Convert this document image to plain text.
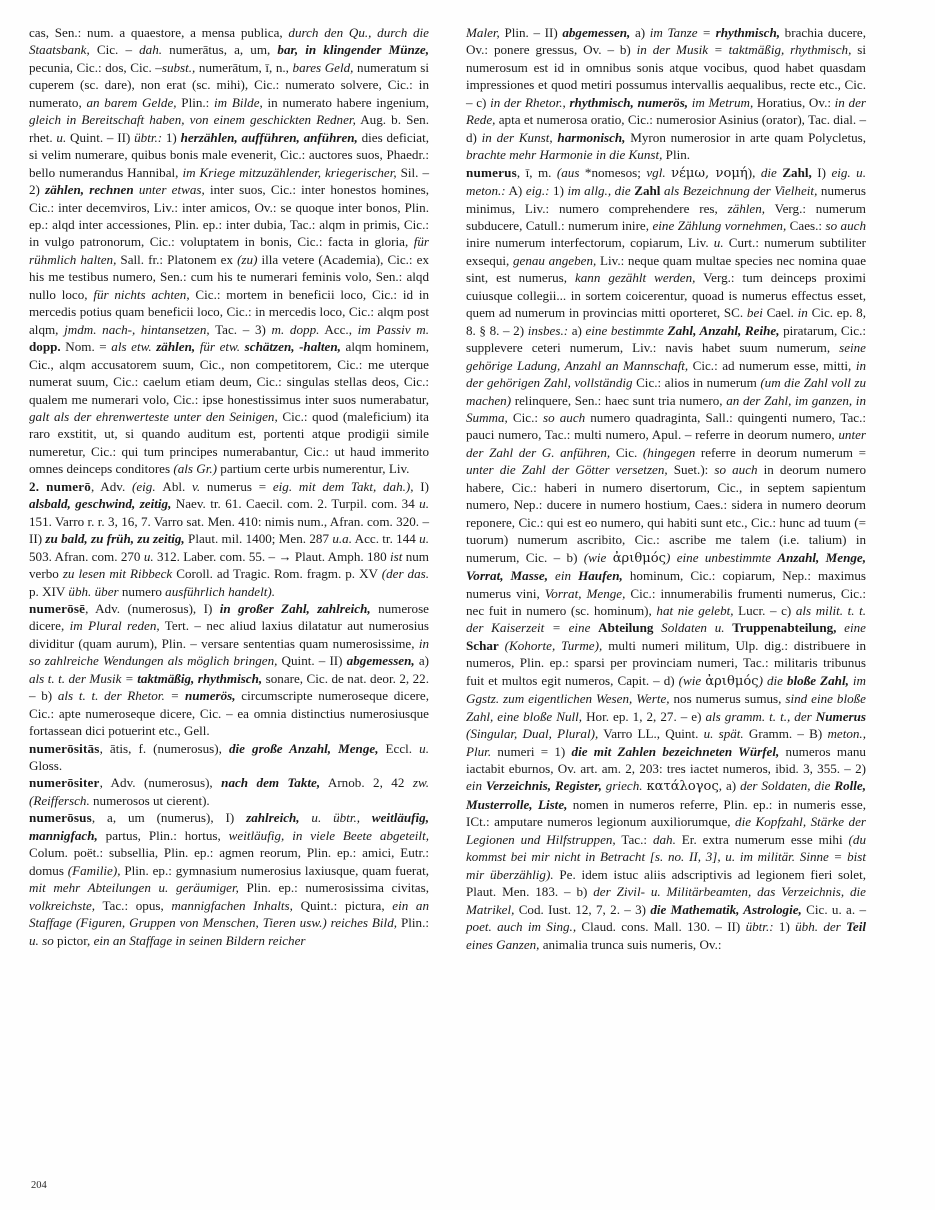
cas, Sen.: num. a quaestore, a mensa publica, durch den Qu., durch die Staatsbank, Cic. – dah. numerātus, a, um, bar, in klingender Münze, pecunia, Cic.: dos, Cic. –subst., numerātum, ī, n., bares Geld, numeratum si cuperem (sc. dare), non erat (sc. mihi), Cic.: numerato solvere, Cic.: in numerato, an barem Gelde, Plin.: im Bilde, in numerato habere ingenium, gleich in Bereitschaft haben, von einem geschickten Redner, Aug. b. Sen. rhet. u. Quint. – II) übtr.: 1) herzählen, aufführen, anführen, dies deficiat, si velim numerare, quibus bonis male evenerit, Cic.: auctores suos, Phaedr.: bello numerandus Hannibal, im Kriege mitzuzählender, kriegerischer, Sil. – 2) zählen, rechnen unter etwas, inter suos, Cic.: inter honestos homines, Cic.: inter decemviros, Liv.: inter amicos, Ov.: se quoque inter bonos, Plin. ep.: alqd inter accessiones, Plin. ep.: inter dubia, Tac.: alqm in primis, Cic.: in vulgo patronorum, Cic.: voluptatem in bonis, Cic.: facta in gloria, für rühmlich halten, Sall. fr.: Platonem ex (zu) illa vetere (Academia), Cic.: ex his me testibus numero, Sen.: cum his te numerari feminis volo, Sen.: alqd nullo loco, für nichts achten, Cic.: mortem in beneficii loco, Cic.: id in mercedis potius quam beneficii loco, Cic.: in mercedis loco, Cic.: alqm post alqm, jmdm. nach-, hintansetzen, Tac. – 3) m. dopp. Acc., im Passiv m. dopp. Nom. = als etw. zählen, für etw. schätzen, -halten, alqm hominem, Cic., alqm accusatorem suum, Cic., non competitorem, Cic.: me uterque numerat suum, Cic.: caelum etiam deum, Cic.: singulas stellas deos, Cic.: qualem me numerari volo, Cic.: ipse honestissimus inter suos numerabatur, galt als der ehrenwerteste unter den Seinigen, Cic.: quod (maleficium) ita raro exstitit, ut, si quando auditum est, portenti atque prodigii simile numeretur, Cic.: qui tum principes numerabantur, Cic.: ut haud immerito omnes deinceps conditores (als Gr.) partium certe urbis numerentur, Liv.

2. numerō, Adv. (eig. Abl. v. numerus = eig. mit dem Takt, dah.), I) alsbald, geschwind, zeitig, Naev. tr. 61. Caecil. com. 2. Turpil. com. 34 u. 151. Varro r. r. 3, 16, 7. Varro sat. Men. 410: nimis num., Afran. com. 320. – II) zu bald, zu früh, zu zeitig, Plaut. mil. 1400; Men. 287 u.a. Acc. tr. 144 u. 503. Afran. com. 270 u. 312. Laber. com. 55. – → Plaut. Amph. 180 ist num verbo zu lesen mit Ribbeck Coroll. ad Tragic. Rom. fragm. p. XV (der das. p. XIV übh. über numero ausführlich handelt).

numerōsē, Adv. (numerosus), I) in großer Zahl, zahlreich, numerose dicere, im Plural reden, Tert. – nec aliud laxius dilatatur aut numerosius dividitur (quam aurum), Plin. – versare sententias quam numerosissime, in so zahlreiche Wendungen als möglich bringen, Quint. – II) abgemessen, a) als t. t. der Musik = taktmäßig, rhythmisch, sonare, Cic. de nat. deor. 2, 22. – b) als t. t. der Rhetor. = numerös, circumscripte numeroseque dicere, Cic.: apte numeroseque dicere, Cic. – ea omnia distinctius numerosiusque fortassean dici potuerint etc., Gell.

numerōsitās, ātis, f. (numerosus), die große Anzahl, Menge, Eccl. u. Gloss.

numerōsiter, Adv. (numerosus), nach dem Takte, Arnob. 2, 42 zw. (Reiffersch. numerosos ut cierent).

numerōsus, a, um (numerus), I) zahlreich, u. übtr., weitläufig, mannigfach, partus, Plin.: hortus, weitläufig, in viele Beete abgeteilt, Colum. poët.: subsellia, Plin. ep.: agmen reorum, Plin. ep.: amici, Eutr.: domus (Familie), Plin. ep.: gymnasium numerosius laxiusque, quam fuerat, mit mehr Abteilungen u. geräumiger, Plin. ep.: numerosissima civitas, volkreichste, Tac.: opus, mannigfachen Inhalts, Quint.: pictura, ein an Staffage (Figuren, Gruppen von Menschen, Tieren usw.) reiches Bild, Plin.: u. so pictor, ein an Staffage in seinen Bildern reicher

Maler, Plin. – II) abgemessen, a) im Tanze = rhythmisch, brachia ducere, Ov.: ponere gressus, Ov. – b) in der Musik = taktmäßig, rhythmisch, si numerosum est id in omnibus sonis atque vocibus, quod habet quasdam impressiones et quod metiri possumus intervallis aequalibus, recte etc., Cic. – c) in der Rhetor., rhythmisch, numerös, im Metrum, Horatius, Ov.: in der Rede, apta et numerosa oratio, Cic.: numerosior Asinius (orator), Tac. dial. – d) in der Kunst, harmonisch, Myron numerosior in arte quam Polycletus, brachte mehr Harmonie in die Kunst, Plin.

numerus, ī, m. (aus *nomesos; vgl. νέμω, νομή), die Zahl, I) eig. u. meton.: A) eig.: 1) im allg., die Zahl als Bezeichnung der Vielheit, numerus minimus, Liv.: numero comprehendere res, zählen, Verg.: numerum subducere, Catull.: numerum inire, eine Zählung vornehmen, Caes.: so auch inire numerum interfectorum, copiarum, Liv. u. Curt.: numerum subtiliter exsequi, genau angeben, Liv.: neque quam multae species nec nomina quae sint, est numerus, kann gezählt werden, Verg.: tum deinceps proximi cuiusque collegii... in sortem coicerentur, quoad is numerus effectus esset, quem ad numerum in provincias mitti oporteret, SC. bei Cael. in Cic. ep. 8, 8. § 8. – 2) insbes.: a) eine bestimmte Zahl, Anzahl, Reihe, piratarum, Cic.: supplevere ceteri numerum, Liv.: navis habet suum numerum, seine gehörige Ladung, Anzahl an Mannschaft, Cic.: ad numerum esse, mitti, in der gehörigen Zahl, vollständig Cic.: alios in numerum (um die Zahl voll zu machen) relinquere, Sen.: haec sunt tria numero, an der Zahl, im ganzen, in Summa, Cic.: so auch numero quadraginta, Sall.: quingenti numero, Tac.: pauci numero, Tac.: multi numero, Apul. – referre in deorum numero, unter der Zahl der G. anführen, Cic. (hingegen referre in deorum numerum = unter die Zahl der Götter versetzen, Suet.): so auch in deorum numero habere, Cic.: haberi in numero disertorum, Cic., in septem sapientum numero, Nep.: ducere in numero hostium, Caes.: sidera in numero deorum reponere, Cic.: qui est eo numero, qui habiti sunt etc., Cic.: hunc ad tuum (= tuorum) numerum ascribito, Cic.: ascribe me talem (i.e. talium) in numerum, Cic. – b) (wie ἀριθμός) eine unbestimmte Anzahl, Menge, Vorrat, Masse, ein Haufen, hominum, Cic.: copiarum, Nep.: maximus numerus vini, Vorrat, Menge, Cic.: innumerabilis frumenti numerus, Cic.: nec fuit in numero (sc. hominum), hat nie gelebt, Lucr. – c) als milit. t. t. der Kaiserzeit = eine Abteilung Soldaten u. Truppenabteilung, eine Schar (Kohorte, Turme), multi numeri militum, Ulp. dig.: distribuere in numeros, Plin. ep.: sparsi per provinciam numeri, Tac.: militaris tribunus fuit et multos egit numeros, Capit. – d) (wie ἀριθμός) die bloße Zahl, im Ggstz. zum eigentlichen Wesen, Werte, nos numerus sumus, sind eine bloße Zahl, eine bloße Null, Hor. ep. 1, 2, 27. – e) als gramm. t. t., der Numerus (Singular, Dual, Plural), Varro LL., Quint. u. spät. Gramm. – B) meton., Plur. numeri = 1) die mit Zahlen bezeichneten Würfel, numeros manu iactabit eburnos, Ov. art. am. 2, 203: tres iactet numeros, ibid. 3, 355. – 2) ein Verzeichnis, Register, griech. κατάλογος, a) der Soldaten, die Rolle, Musterrolle, Liste, nomen in numeros referre, Plin. ep.: in numeris esse, ICt.: amputare numeros legionum auxiliorumque, die Kopfzahl, Stärke der Legionen und Hilfstruppen, Tac.: dah. Er. extra numerum esse mihi (du kommst bei mir nicht in Betracht [s. no. II, 3], u. im militär. Sinne = bist mir überzählig). Pe. idem istuc aliis adscriptivis ad legionem fieri solet, Plaut. Men. 183. – b) der Zivil- u. Militärbeamten, das Verzeichnis, die Matrikel, Cod. Iust. 12, 7, 2. – 3) die Mathematik, Astrologie, Cic. u. a. – poet. auch im Sing., Claud. cons. Mall. 130. – II) übtr.: 1) übh. der Teil eines Ganzen, animalia trunca suis numeris, Ov.:

204
